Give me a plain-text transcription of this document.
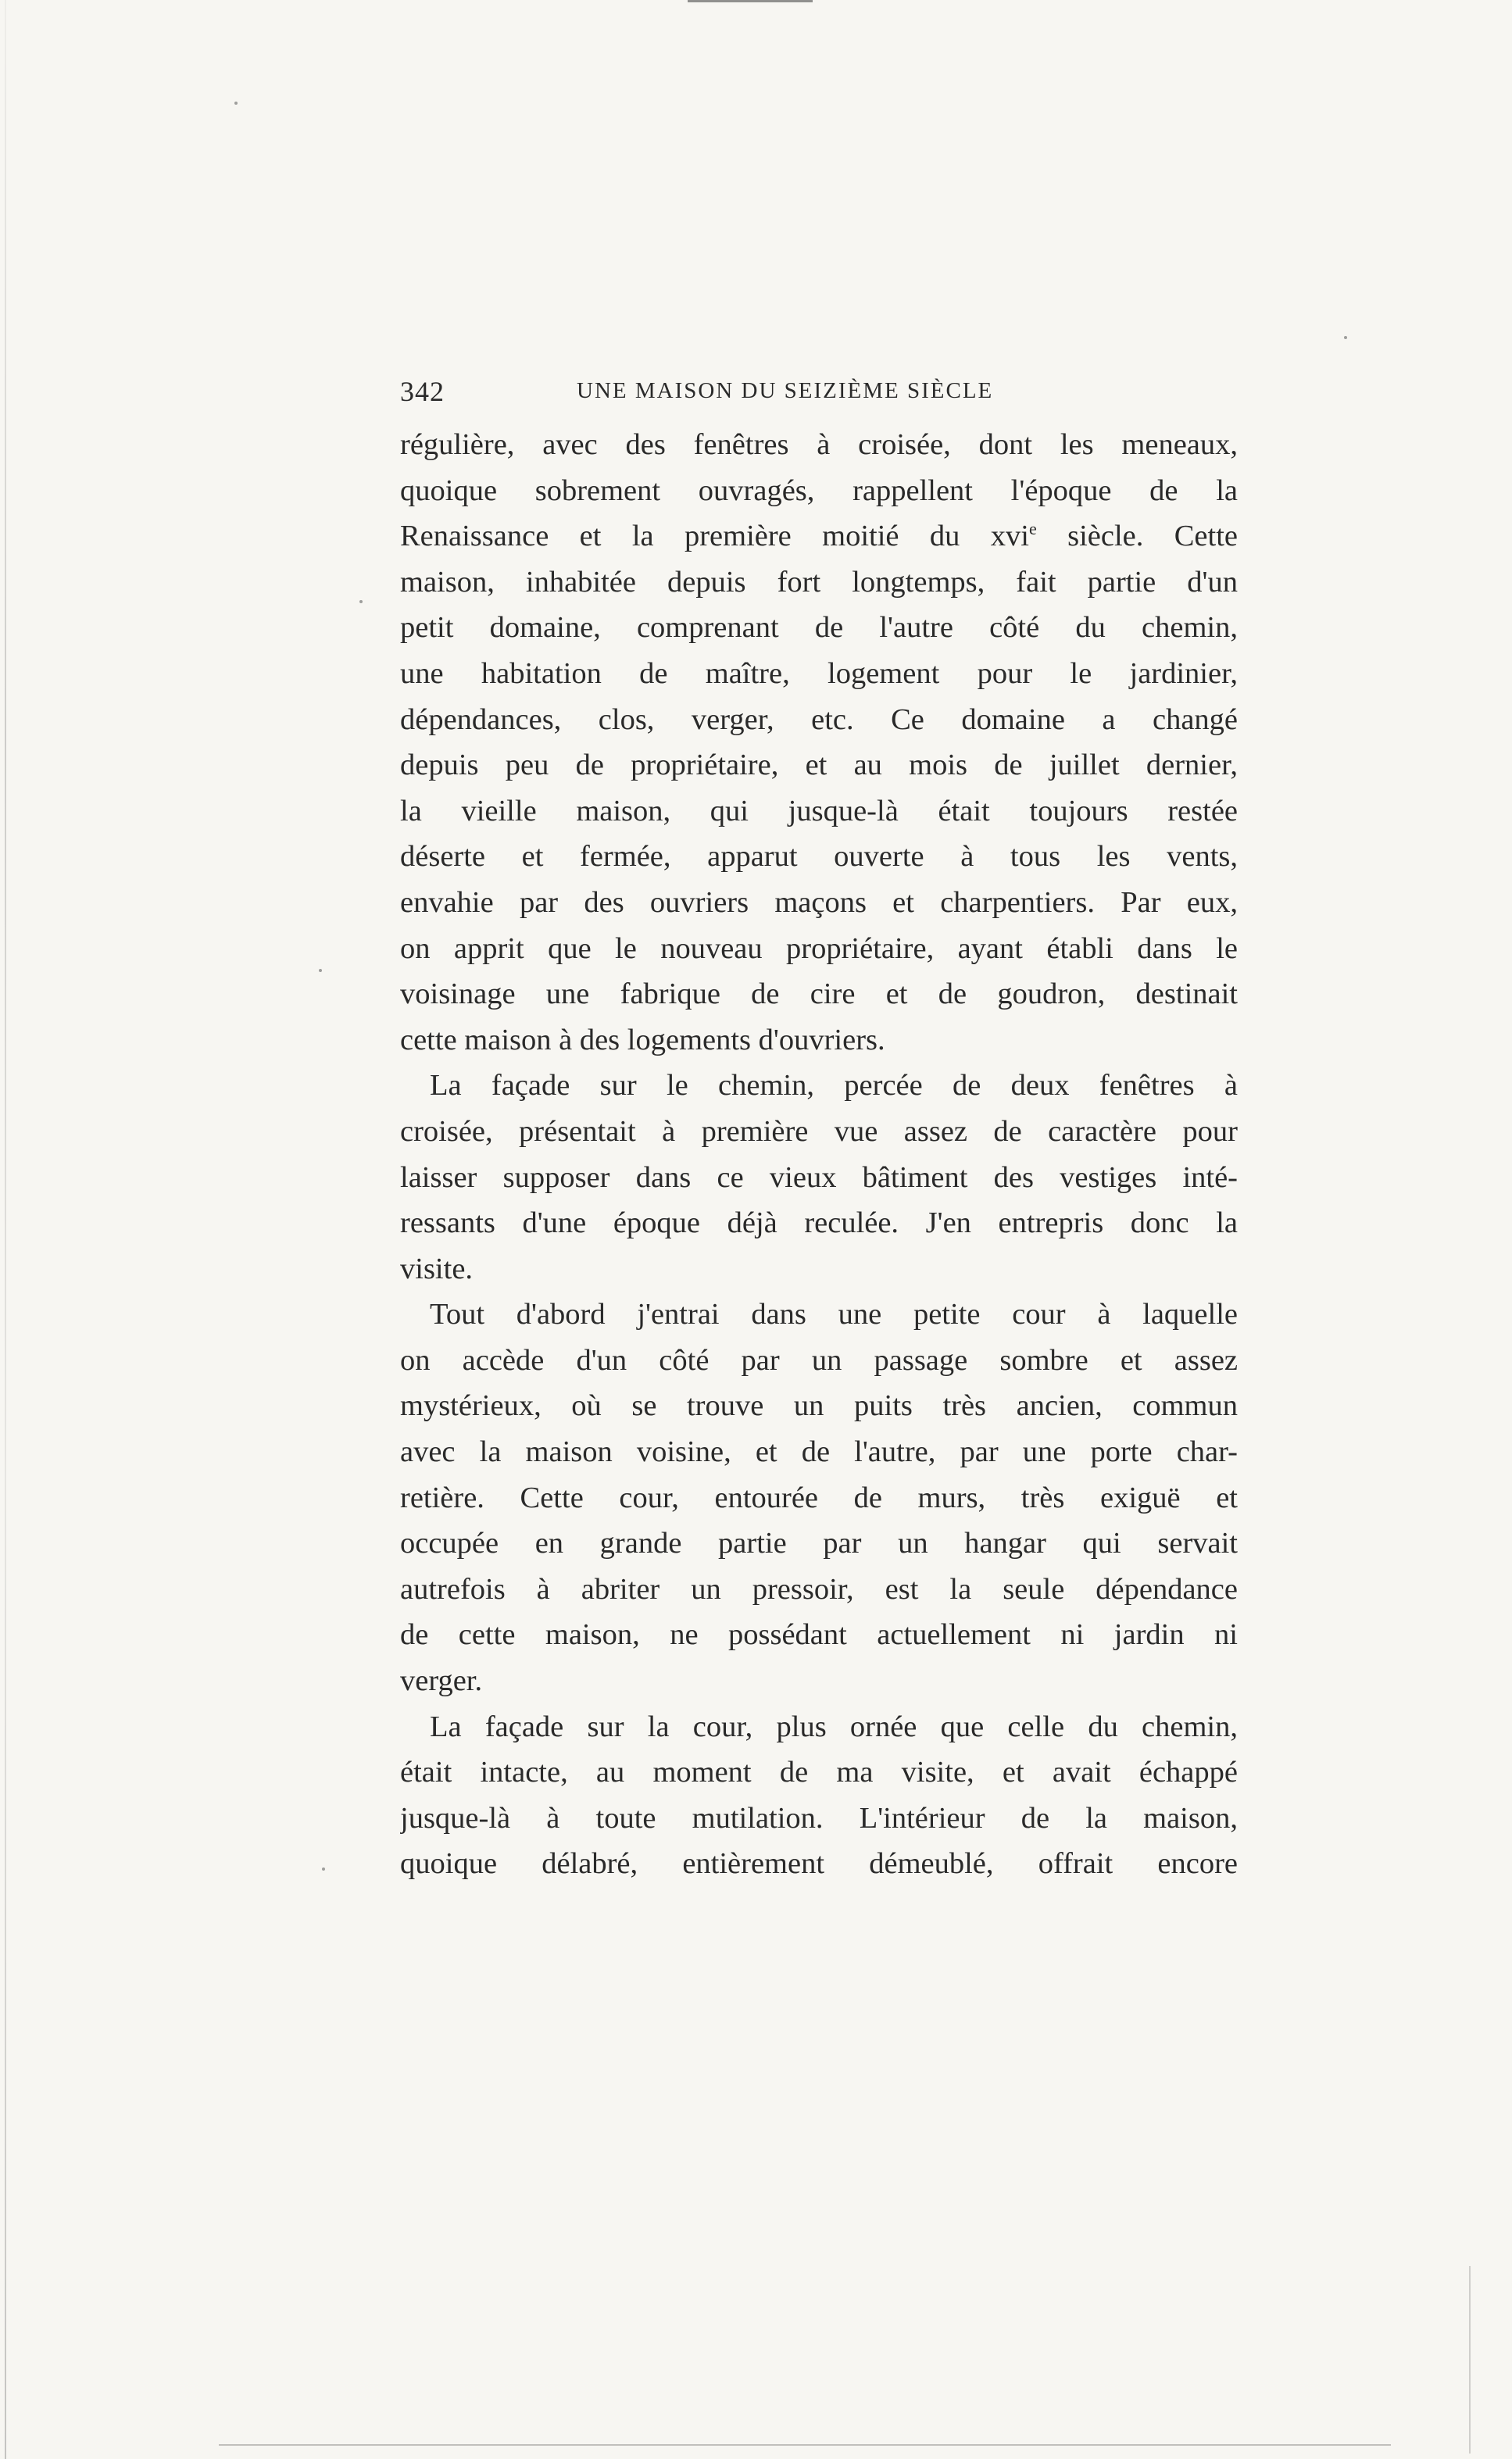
342	UNE MAISON DU SEIZIÈME SIÈCLE
régulière, avec des fenêtres à croisée, dont les meneaux,
quoique sobrement ouvragés, rappellent l'époque de la
Renaissance et la première moitié du xvi$^e$ siècle. Cette
maison, inhabitée depuis fort longtemps, fait partie d'un
petit domaine, comprenant de l'autre côté du chemin,
une habitation de maître, logement pour le jardinier,
dépendances, clos, verger, etc. Ce domaine a changé
depuis peu de propriétaire, et au mois de juillet dernier,
la vieille maison, qui jusque-là était toujours restée
déserte et fermée, apparut ouverte à tous les vents,
envahie par des ouvriers maçons et charpentiers. Par eux,
on apprit que le nouveau propriétaire, ayant établi dans le
voisinage une fabrique de cire et de goudron, destinait
cette maison à des logements d'ouvriers.
La façade sur le chemin, percée de deux fenêtres à
croisée, présentait à première vue assez de caractère pour
laisser supposer dans ce vieux bâtiment des vestiges inté-
ressants d'une époque déjà reculée. J'en entrepris donc la
visite.
Tout d'abord j'entrai dans une petite cour à laquelle
on accède d'un côté par un passage sombre et assez
mystérieux, où se trouve un puits très ancien, commun
avec la maison voisine, et de l'autre, par une porte char-
retière. Cette cour, entourée de murs, très exiguë et
occupée en grande partie par un hangar qui servait
autrefois à abriter un pressoir, est la seule dépendance
de cette maison, ne possédant actuellement ni jardin ni
verger.
La façade sur la cour, plus ornée que celle du chemin,
était intacte, au moment de ma visite, et avait échappé
jusque-là à toute mutilation. L'intérieur de la maison,
quoique délabré, entièrement démeublé, offrait encore
